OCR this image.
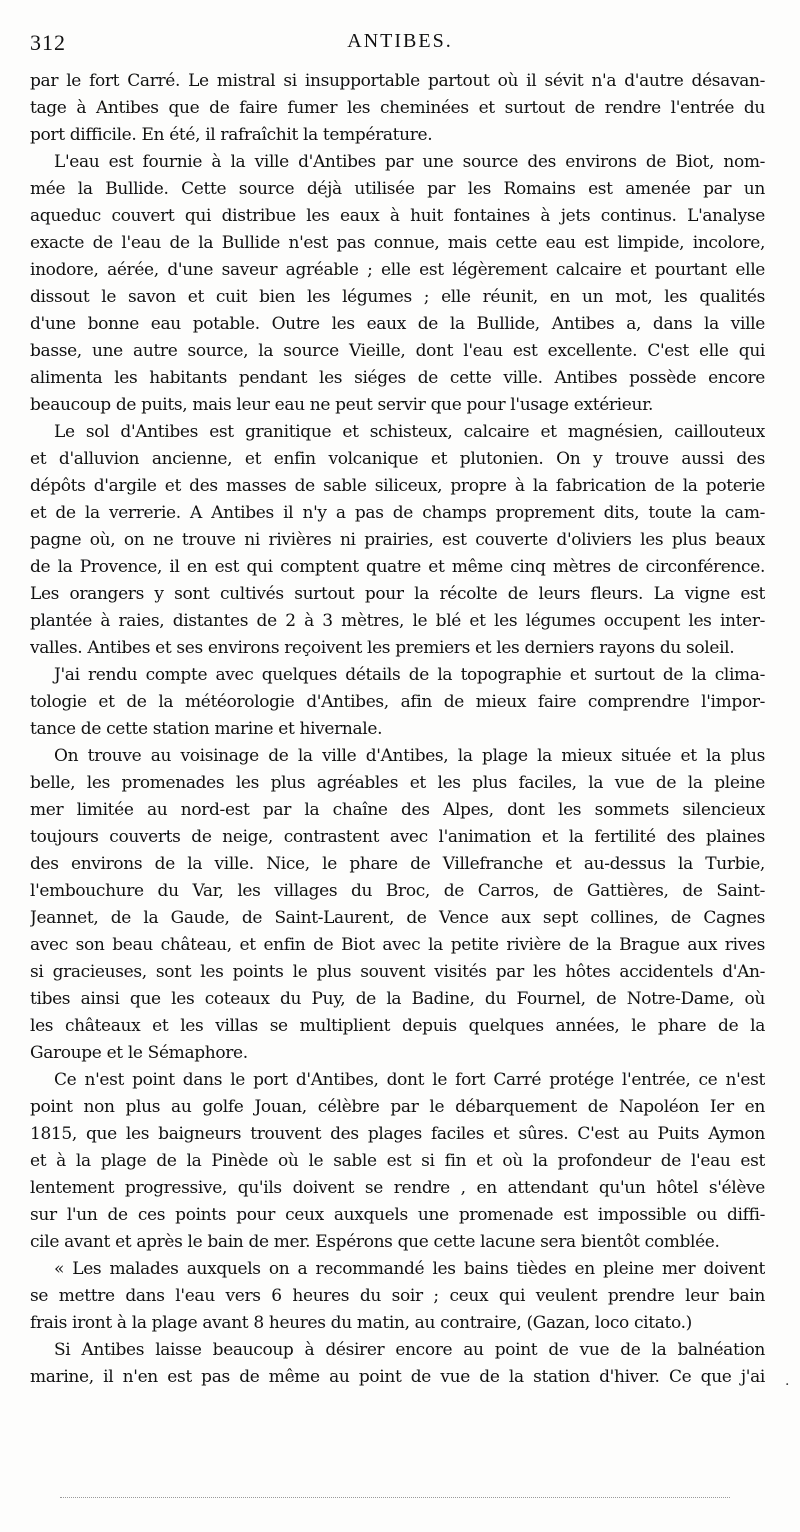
312	ANTIBES.
par le fort Carré. Le mistral si insupportable partout où il sévit n'a d'autre désavan-
tage à Antibes que de faire fumer les cheminées et surtout de rendre l'entrée du
port difficile. En été, il rafraîchit la température.
L'eau est fournie à la ville d'Antibes par une source des environs de Biot, nom-
mée la Bullide. Cette source déjà utilisée par les Romains est amenée par un
aqueduc couvert qui distribue les eaux à huit fontaines à jets continus. L'analyse
exacte de l'eau de la Bullide n'est pas connue, mais cette eau est limpide, incolore,
inodore, aérée, d'une saveur agréable ; elle est légèrement calcaire et pourtant elle
dissout le savon et cuit bien les légumes ; elle réunit, en un mot, les qualités
d'une bonne eau potable. Outre les eaux de la Bullide, Antibes a, dans la ville
basse, une autre source, la source Vieille, dont l'eau est excellente. C'est elle qui
alimenta les habitants pendant les siéges de cette ville. Antibes possède encore
beaucoup de puits, mais leur eau ne peut servir que pour l'usage extérieur.
Le sol d'Antibes est granitique et schisteux, calcaire et magnésien, caillouteux
et d'alluvion ancienne, et enfin volcanique et plutonien. On y trouve aussi des
dépôts d'argile et des masses de sable siliceux, propre à la fabrication de la poterie
et de la verrerie. A Antibes il n'y a pas de champs proprement dits, toute la cam-
pagne où, on ne trouve ni rivières ni prairies, est couverte d'oliviers les plus beaux
de la Provence, il en est qui comptent quatre et même cinq mètres de circonférence.
Les orangers y sont cultivés surtout pour la récolte de leurs fleurs. La vigne est
plantée à raies, distantes de 2 à 3 mètres, le blé et les légumes occupent les inter-
valles. Antibes et ses environs reçoivent les premiers et les derniers rayons du soleil.
J'ai rendu compte avec quelques détails de la topographie et surtout de la clima-
tologie et de la météorologie d'Antibes, afin de mieux faire comprendre l'impor-
tance de cette station marine et hivernale.
On trouve au voisinage de la ville d'Antibes, la plage la mieux située et la plus
belle, les promenades les plus agréables et les plus faciles, la vue de la pleine
mer limitée au nord-est par la chaîne des Alpes, dont les sommets silencieux
toujours couverts de neige, contrastent avec l'animation et la fertilité des plaines
des environs de la ville. Nice, le phare de Villefranche et au-dessus la Turbie,
l'embouchure du Var, les villages du Broc, de Carros, de Gattières, de Saint-
Jeannet, de la Gaude, de Saint-Laurent, de Vence aux sept collines, de Cagnes
avec son beau château, et enfin de Biot avec la petite rivière de la Brague aux rives
si gracieuses, sont les points le plus souvent visités par les hôtes accidentels d'An-
tibes ainsi que les coteaux du Puy, de la Badine, du Fournel, de Notre-Dame, où
les châteaux et les villas se multiplient depuis quelques années, le phare de la
Garoupe et le Sémaphore.
Ce n'est point dans le port d'Antibes, dont le fort Carré protége l'entrée, ce n'est
point non plus au golfe Jouan, célèbre par le débarquement de Napoléon Ier en
1815, que les baigneurs trouvent des plages faciles et sûres. C'est au Puits Aymon
et à la plage de la Pinède où le sable est si fin et où la profondeur de l'eau est
lentement progressive, qu'ils doivent se rendre , en attendant qu'un hôtel s'élève
sur l'un de ces points pour ceux auxquels une promenade est impossible ou diffi-
cile avant et après le bain de mer. Espérons que cette lacune sera bientôt comblée.
« Les malades auxquels on a recommandé les bains tièdes en pleine mer doivent
se mettre dans l'eau vers 6 heures du soir ; ceux qui veulent prendre leur bain
frais iront à la plage avant 8 heures du matin, au contraire, (Gazan, loco citato.)
Si Antibes laisse beaucoup à désirer encore au point de vue de la balnéation
marine, il n'en est pas de même au point de vue de la station d'hiver. Ce que j'ai ·
